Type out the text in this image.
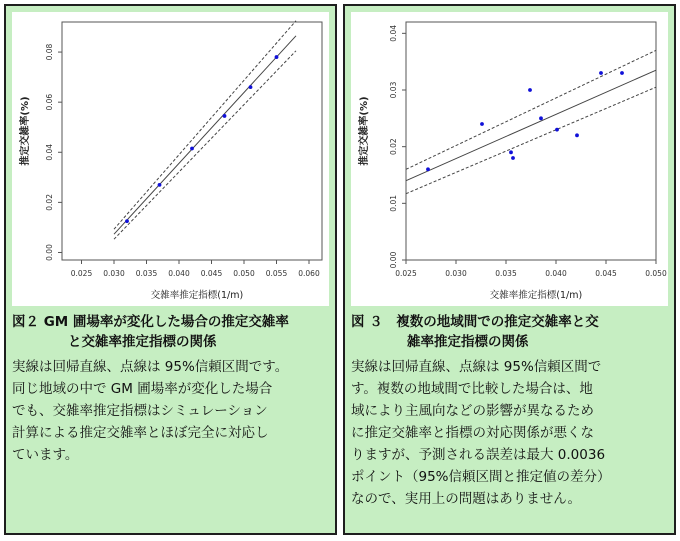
0.025 0.030 0.035 0.040 0.045 0.050 0.055 0.060
0.00
0.02
0.04
0.06
0.08
交雑率推定指標(1/m)
推定交雑率(%)
図２ GM 圃場率が変化した場合の推定交雑率
と交雑率推定指標の関係
実線は回帰直線、点線は 95%信頼区間です。
同じ地域の中で GM 圃場率が変化した場合
でも、交雑率推定指標はシミュレーション
計算による推定交雑率とほぼ完全に対応し
ています。
0.025	0.030	0.035	0.040	0.045	0.050
0.00
0.01
0.02
0.03
0.04
交雑率推定指標(1/m)
推定交雑率(%)
図 ３　複数の地域間での推定交雑率と交
雑率推定指標の関係
実線は回帰直線、点線は 95%信頼区間で
す。複数の地域間で比較した場合は、地
域により主風向などの影響が異なるため
に推定交雑率と指標の対応関係が悪くな
りますが、予測される誤差は最大 0.0036
ポイント（95%信頼区間と推定値の差分）
なので、実用上の問題はありません。
